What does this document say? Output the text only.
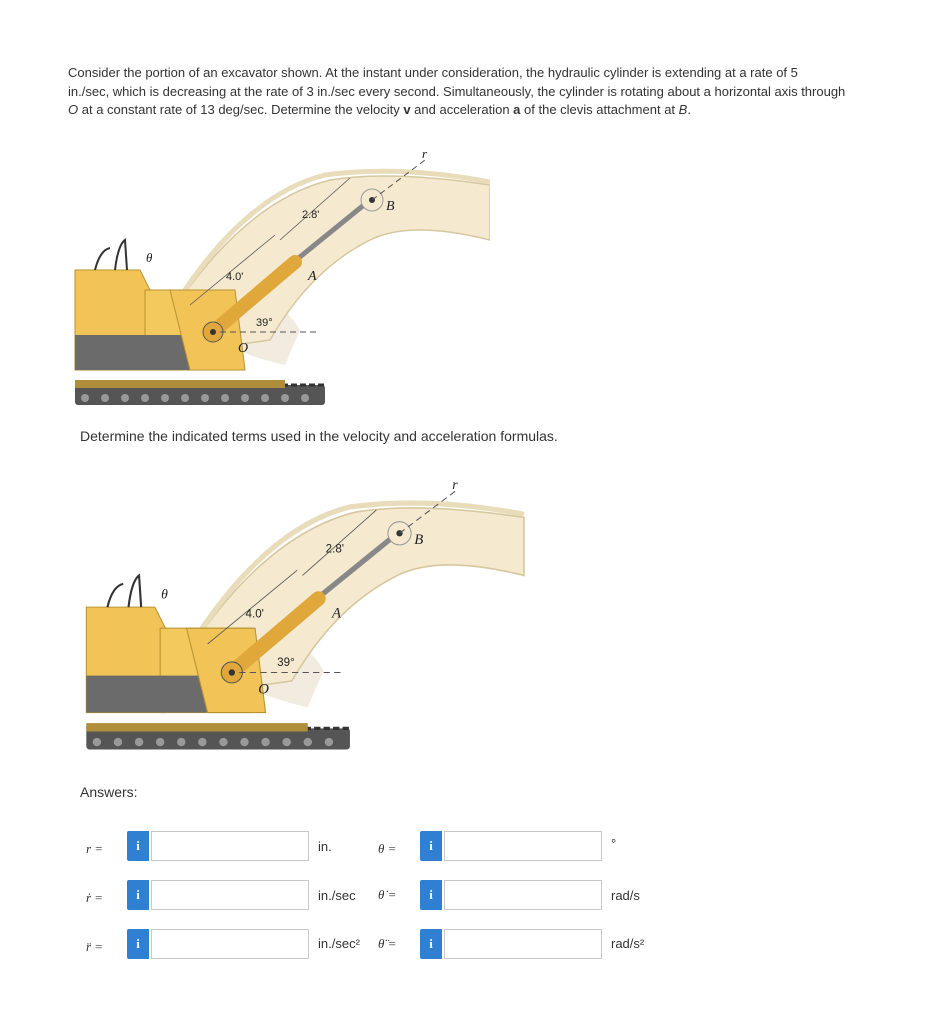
Consider the portion of an excavator shown. At the instant under consideration, the hydraulic cylinder is extending at a rate of 5
in./sec, which is decreasing at the rate of 3 in./sec every second. Simultaneously, the cylinder is rotating about a horizontal axis through
O at a constant rate of 13 deg/sec. Determine the velocity v and acceleration a of the clevis attachment at B.
r
B
A
O
θ
2.8'
4.0'
39°
Determine the indicated terms used in the velocity and acceleration formulas.
r
B
A
O
θ
2.8'
4.0'
39°
Answers:
r =	i	in.	θ =	i	°
ṙ =	i	in./sec θ̇ =	i	rad/s
r̈ =	i	in./sec² θ̈ =	i	rad/s²
